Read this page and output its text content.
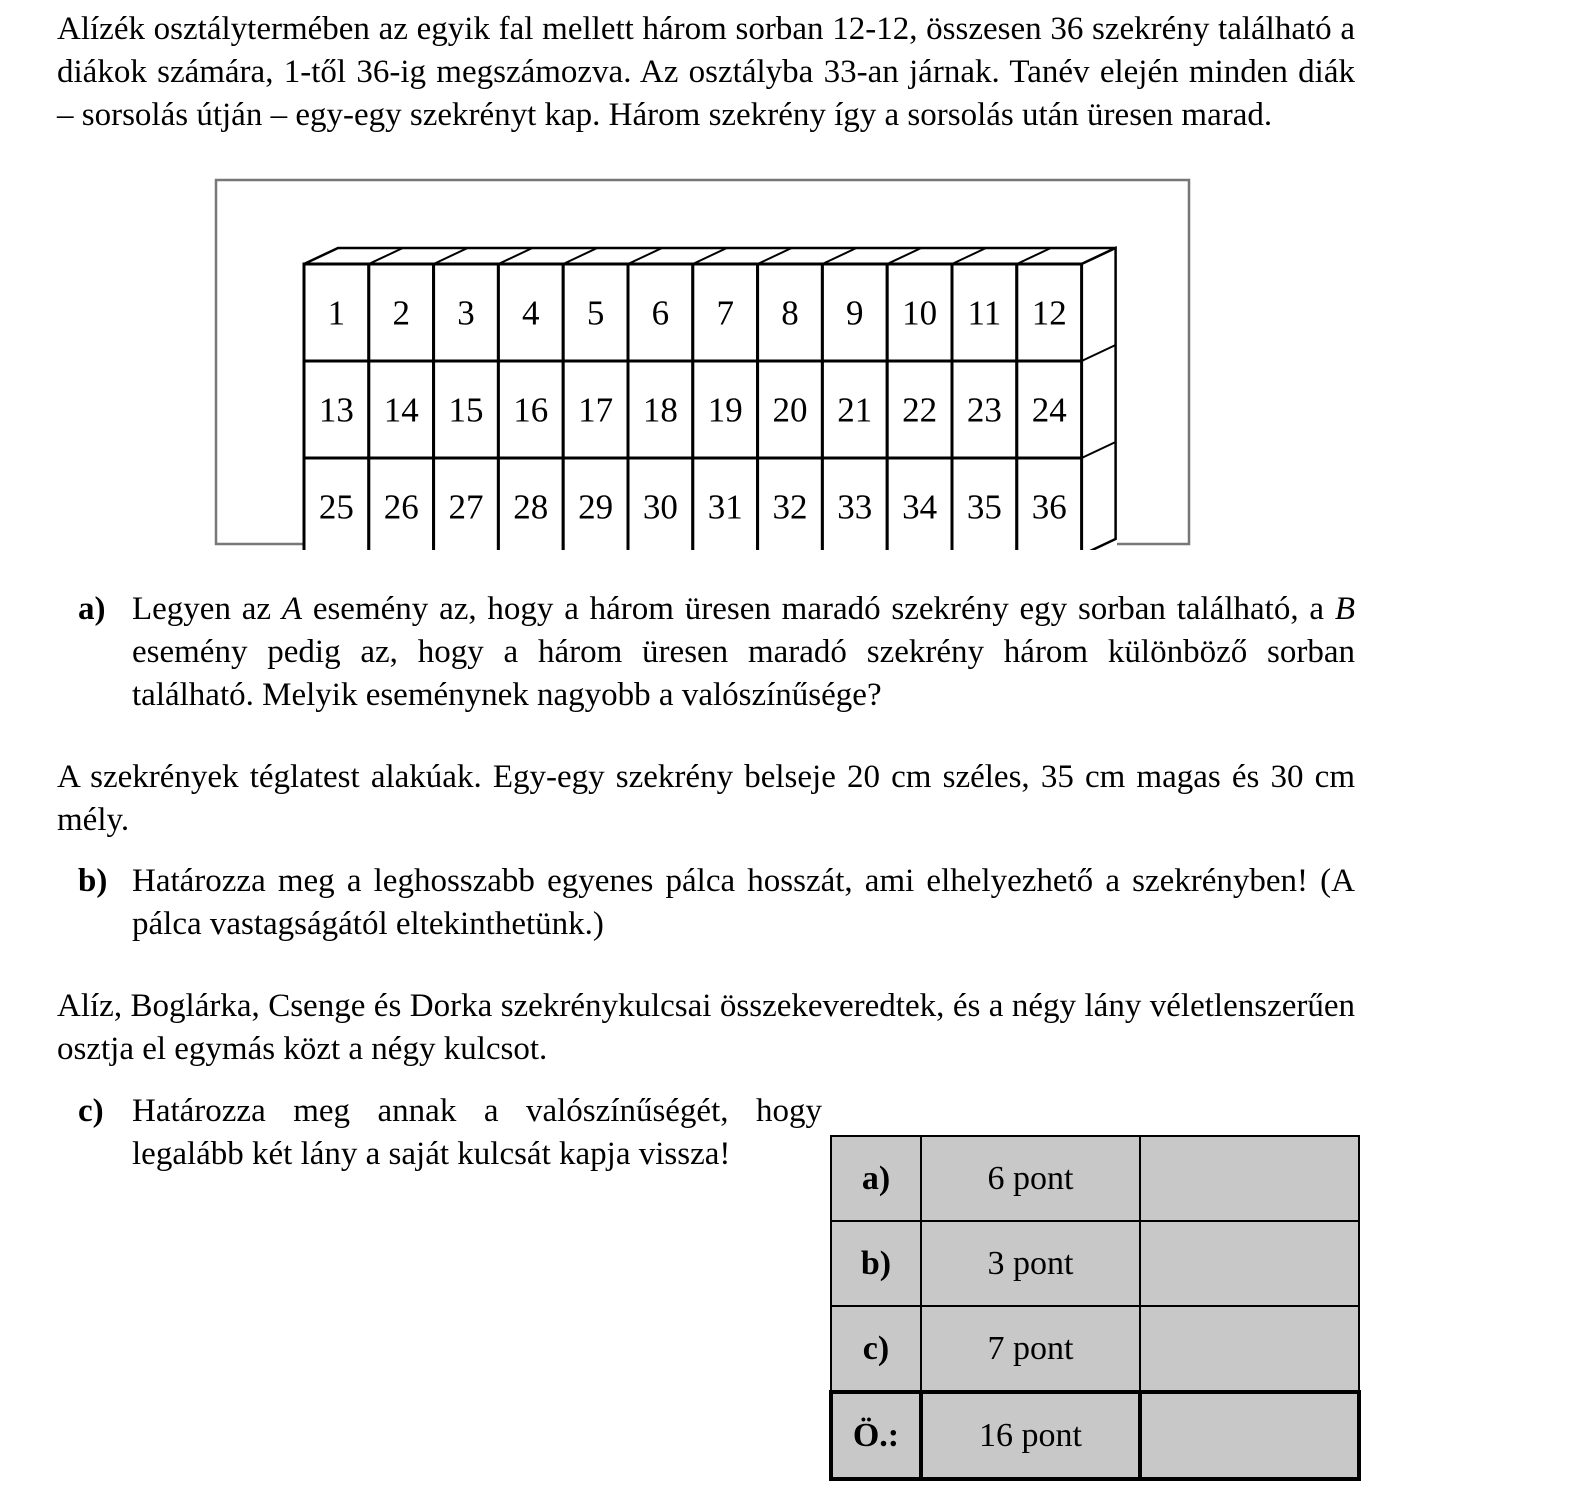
Alízék osztálytermében az egyik fal mellett három sorban 12-12, összesen 36 szekrény található a diákok számára, 1-től 36-ig megszámozva. Az osztályba 33-an járnak. Tanév elején minden diák – sorsolás útján – egy-egy szekrényt kap. Három szekrény így a sorsolás után üresen marad.

1 2 3 4 5 6 7 8 9 10 11 12
13 14 15 16 17 18 19 20 21 22 23 24
25 26 27 28 29 30 31 32 33 34 35 36
a) Legyen az A esemény az, hogy a három üresen maradó szekrény egy sorban található, a B esemény pedig az, hogy a három üresen maradó szekrény három különböző sorban található. Melyik eseménynek nagyobb a valószínűsége?

A szekrények téglatest alakúak. Egy-egy szekrény belseje 20 cm széles, 35 cm magas és 30 cm mély.

b) Határozza meg a leghosszabb egyenes pálca hosszát, ami elhelyezhető a szekrényben! (A pálca vastagságától eltekinthetünk.)

Alíz, Boglárka, Csenge és Dorka szekrénykulcsai összekeveredtek, és a négy lány véletlenszerűen osztja el egymás közt a négy kulcsot.

c) Határozza meg annak a valószínűségét, hogy legalább két lány a saját kulcsát kapja vissza!
a)	6 pont	
b)	3 pont	
c)	7 pont	
Ö.:	16 pont	
